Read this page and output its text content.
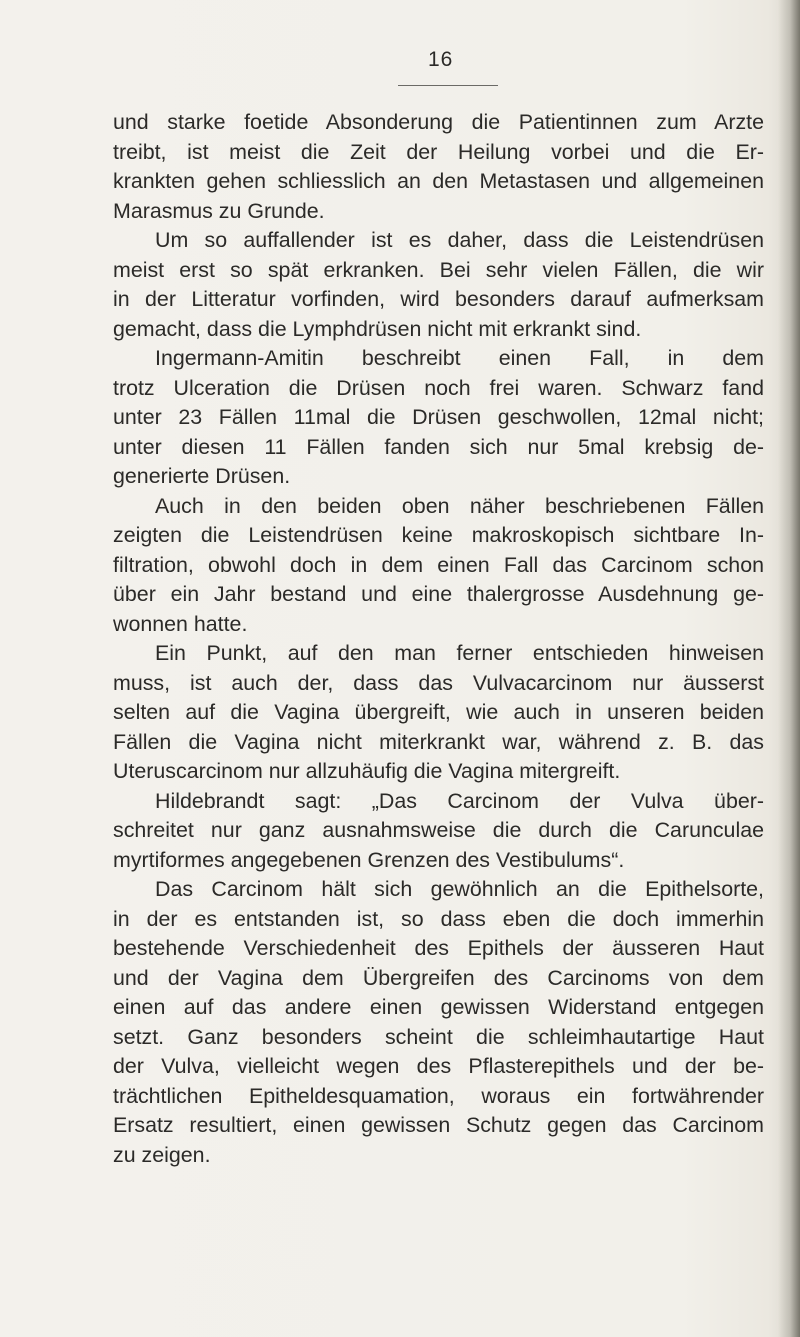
16
und starke foetide Absonderung die Patientinnen zum Arzte
treibt, ist meist die Zeit der Heilung vorbei und die Er-
krankten gehen schliesslich an den Metastasen und allgemeinen
Marasmus zu Grunde.
Um so auffallender ist es daher, dass die Leistendrüsen
meist erst so spät erkranken. Bei sehr vielen Fällen, die wir
in der Litteratur vorfinden, wird besonders darauf aufmerksam
gemacht, dass die Lymphdrüsen nicht mit erkrankt sind.
Ingermann-Amitin beschreibt einen Fall, in dem
trotz Ulceration die Drüsen noch frei waren. Schwarz fand
unter 23 Fällen 11mal die Drüsen geschwollen, 12mal nicht;
unter diesen 11 Fällen fanden sich nur 5mal krebsig de-
generierte Drüsen.
Auch in den beiden oben näher beschriebenen Fällen
zeigten die Leistendrüsen keine makroskopisch sichtbare In-
filtration, obwohl doch in dem einen Fall das Carcinom schon
über ein Jahr bestand und eine thalergrosse Ausdehnung ge-
wonnen hatte.
Ein Punkt, auf den man ferner entschieden hinweisen
muss, ist auch der, dass das Vulvacarcinom nur äusserst
selten auf die Vagina übergreift, wie auch in unseren beiden
Fällen die Vagina nicht miterkrankt war, während z. B. das
Uteruscarcinom nur allzuhäufig die Vagina mitergreift.
Hildebrandt sagt: „Das Carcinom der Vulva über-
schreitet nur ganz ausnahmsweise die durch die Carunculae
myrtiformes angegebenen Grenzen des Vestibulums“.
Das Carcinom hält sich gewöhnlich an die Epithelsorte,
in der es entstanden ist, so dass eben die doch immerhin
bestehende Verschiedenheit des Epithels der äusseren Haut
und der Vagina dem Übergreifen des Carcinoms von dem
einen auf das andere einen gewissen Widerstand entgegen
setzt. Ganz besonders scheint die schleimhautartige Haut
der Vulva, vielleicht wegen des Pflasterepithels und der be-
trächtlichen Epitheldesquamation, woraus ein fortwährender
Ersatz resultiert, einen gewissen Schutz gegen das Carcinom
zu zeigen.
